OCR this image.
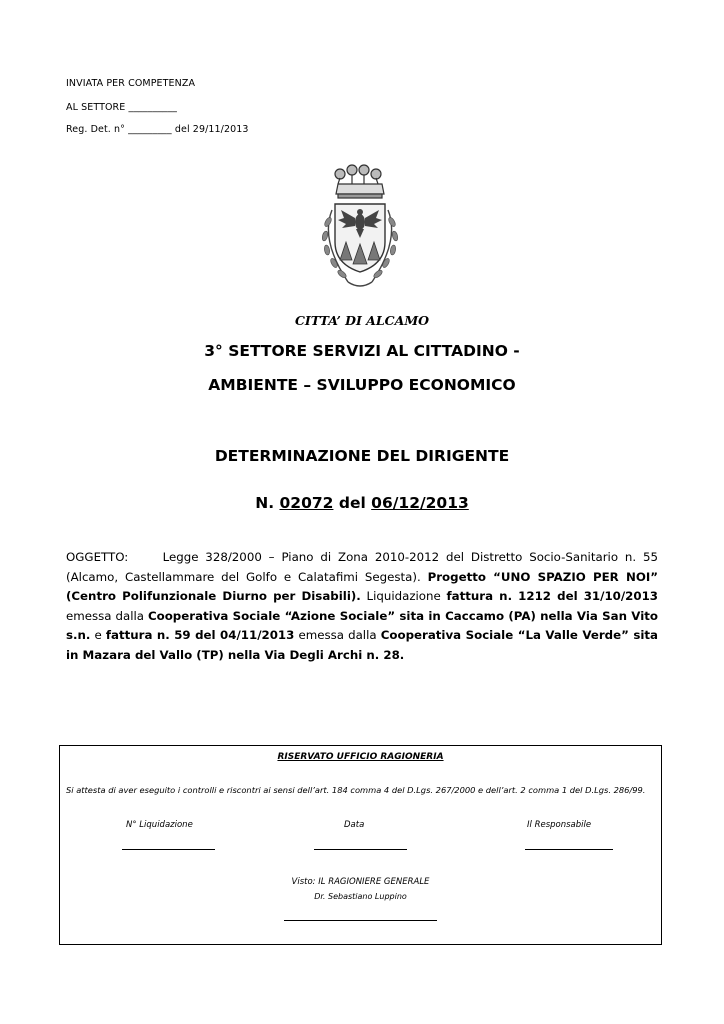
INVIATA PER COMPETENZA
AL SETTORE __________
Reg. Det. n° _________ del 29/11/2013
CITTA’ DI ALCAMO
3° SETTORE SERVIZI AL CITTADINO -
AMBIENTE – SVILUPPO ECONOMICO
DETERMINAZIONE DEL DIRIGENTE
N. 02072 del 06/12/2013
OGGETTO:	Legge 328/2000 – Piano di Zona 2010-2012 del Distretto Socio-Sanitario n. 55 (Alcamo, Castellammare del Golfo e Calatafimi Segesta). Progetto “UNO SPAZIO PER NOI” (Centro Polifunzionale Diurno per Disabili). Liquidazione fattura n. 1212 del 31/10/2013 emessa dalla Cooperativa Sociale “Azione Sociale” sita in Caccamo (PA) nella Via San Vito s.n. e fattura n. 59 del 04/11/2013 emessa dalla Cooperativa Sociale “La Valle Verde” sita in Mazara del Vallo (TP) nella Via Degli Archi n. 28.
RISERVATO UFFICIO RAGIONERIA
Si attesta di aver eseguito i controlli e riscontri ai sensi dell’art. 184 comma 4 del D.Lgs. 267/2000 e dell’art. 2 comma 1 del D.Lgs. 286/99.
N° Liquidazione	Data	Il Responsabile
Visto: IL RAGIONIERE GENERALE
Dr. Sebastiano Luppino
